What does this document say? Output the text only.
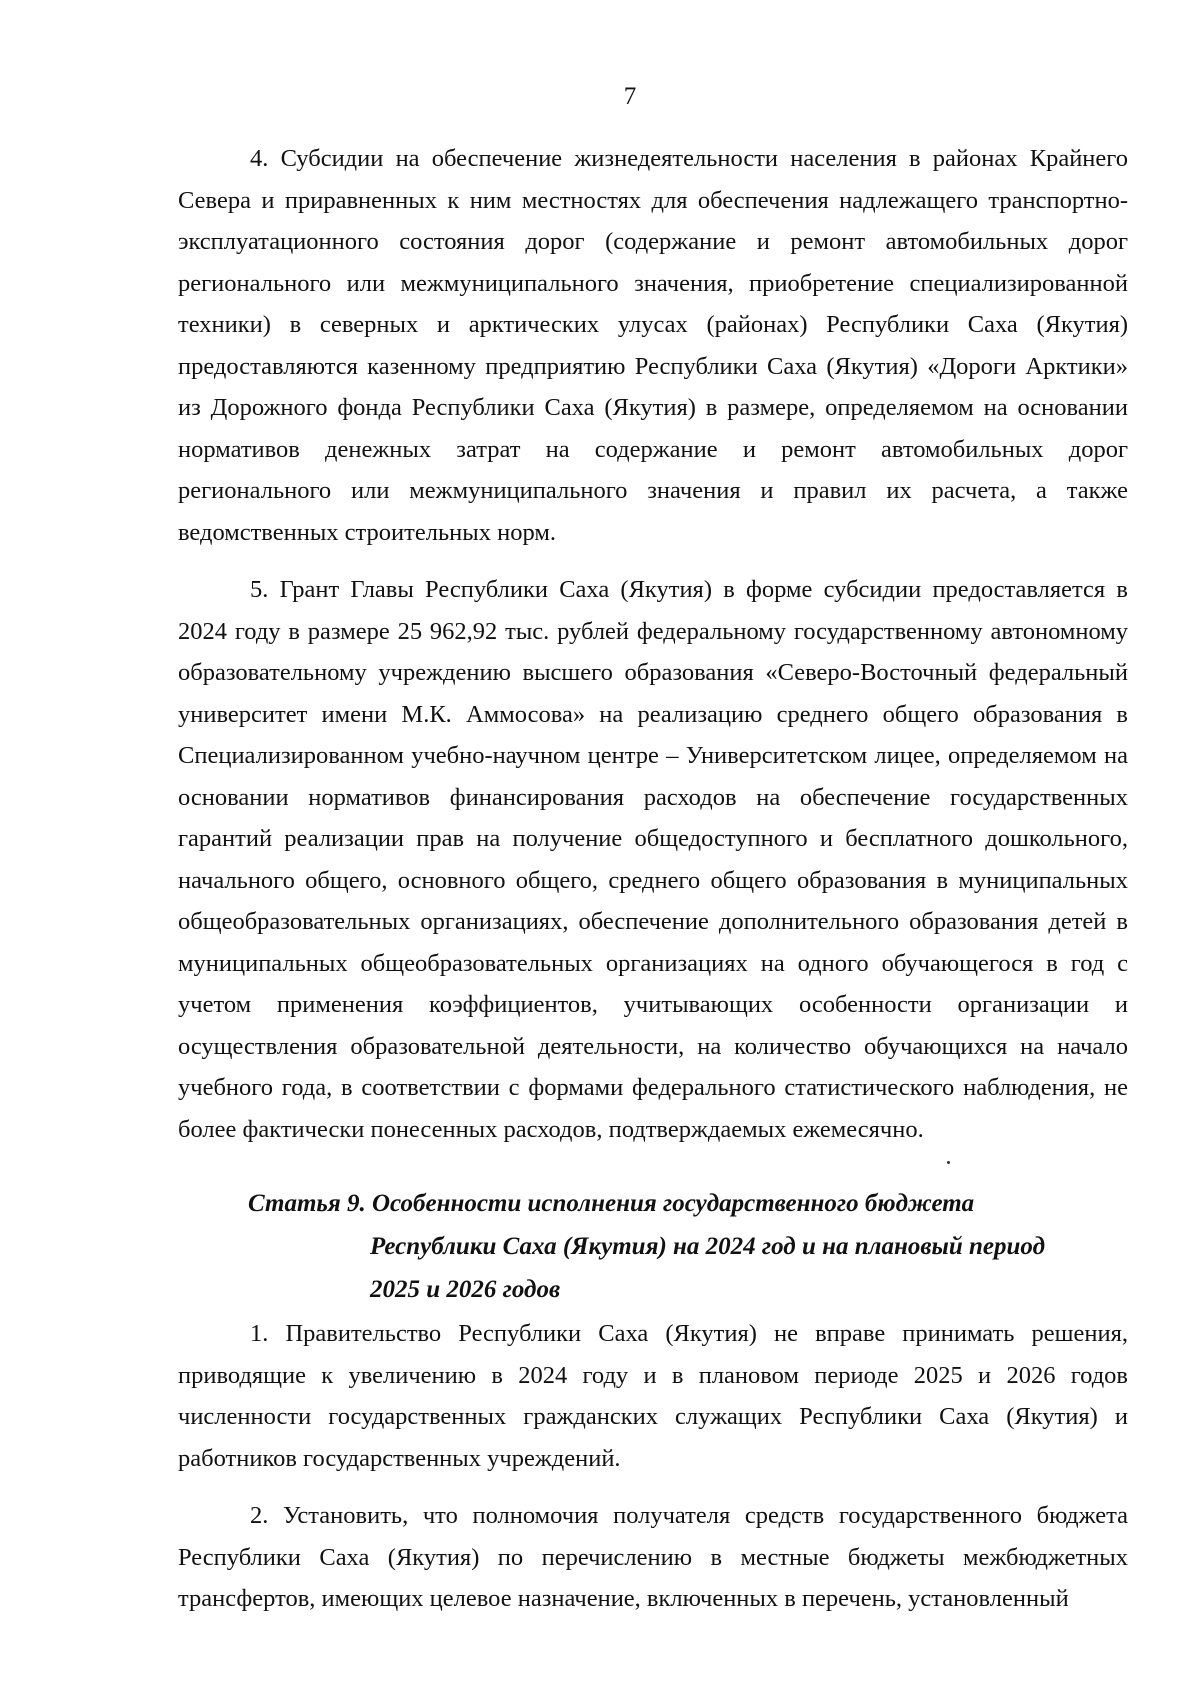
7

4. Субсидии на обеспечение жизнедеятельности населения в районах Крайнего Севера и приравненных к ним местностях для обеспечения надлежащего транспортно-эксплуатационного состояния дорог (содержание и ремонт автомобильных дорог регионального или межмуниципального значения, приобретение специализированной техники) в северных и арктических улусах (районах) Республики Саха (Якутия) предоставляются казенному предприятию Республики Саха (Якутия) «Дороги Арктики» из Дорожного фонда Республики Саха (Якутия) в размере, определяемом на основании нормативов денежных затрат на содержание и ремонт автомобильных дорог регионального или межмуниципального значения и правил их расчета, а также ведомственных строительных норм.

5. Грант Главы Республики Саха (Якутия) в форме субсидии предоставляется в 2024 году в размере 25 962,92 тыс. рублей федеральному государственному автономному образовательному учреждению высшего образования «Северо-Восточный федеральный университет имени М.К. Аммосова» на реализацию среднего общего образования в Специализированном учебно-научном центре – Университетском лицее, определяемом на основании нормативов финансирования расходов на обеспечение государственных гарантий реализации прав на получение общедоступного и бесплатного дошкольного, начального общего, основного общего, среднего общего образования в муниципальных общеобразовательных организациях, обеспечение дополнительного образования детей в муниципальных общеобразовательных организациях на одного обучающегося в год с учетом применения коэффициентов, учитывающих особенности организации и осуществления образовательной деятельности, на количество обучающихся на начало учебного года, в соответствии с формами федерального статистического наблюдения, не более фактически понесенных расходов, подтверждаемых ежемесячно.

Статья 9. Особенности исполнения государственного бюджета
Республики Саха (Якутия) на 2024 год и на плановый период
2025 и 2026 годов

1. Правительство Республики Саха (Якутия) не вправе принимать решения, приводящие к увеличению в 2024 году и в плановом периоде 2025 и 2026 годов численности государственных гражданских служащих Республики Саха (Якутия) и работников государственных учреждений.

2. Установить, что полномочия получателя средств государственного бюджета Республики Саха (Якутия) по перечислению в местные бюджеты межбюджетных трансфертов, имеющих целевое назначение, включенных в перечень, установленный
